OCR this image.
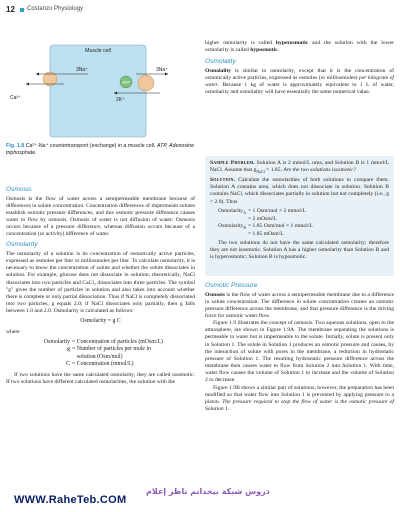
12 Costanzo Physiology
Muscle cell
3Na⁺
Ca²⁺
ATP
3Na⁺
2K⁺
Fig. 1.8 Ca²⁺-Na⁺ countertransport (exchange) in a muscle cell. ATP, Adenosine triphosphate.
Osmosis

Osmosis is the flow of water across a semipermeable membrane because of differences in solute concentration. Concentration differences of impermeant solutes establish osmotic pressure differences, and this osmotic pressure difference causes water to flow by osmosis. Osmosis of water is not diffusion of water: Osmosis occurs because of a pressure difference, whereas diffusion occurs because of a concentration (or activity) difference of water.

Osmolarity

The osmolarity of a solution is its concentration of osmotically active particles, expressed as osmoles per liter or milliosmoles per liter. To calculate osmolarity, it is necessary to know the concentration of solute and whether the solute dissociates in solution. For example, glucose does not dissociate in solution; theoretically, NaCl dissociates into two particles and CaCl₂ dissociates into three particles. The symbol "g" gives the number of particles in solution and also takes into account whether there is complete or only partial dissociation. Thus if NaCl is completely dissociated into two particles, g equals 2.0; if NaCl dissociates only partially, then g falls between 1.0 and 2.0. Osmolarity is calculated as follows:

Osmolarity = g C
where
Osmolarity = Concentration of particles (mOsm/L)
g = Number of particles per mole in
solution (Osm/mol)
C = Concentration (mmol/L)

If two solutions have the same calculated osmolarity, they are called isosmotic. If two solutions have different calculated osmolarities, the solution with the

higher osmolarity is called hyperosmotic and the solution with the lower osmolarity is called hyposmotic.

Osmolality

Osmolality is similar to osmolarity, except that it is the concentration of osmotically active particles, expressed as osmoles (or milliosmoles) per kilogram of water. Because 1 kg of water is approximately equivalent to 1 L of water, osmolarity and osmolality will have essentially the same numerical value.

Sample Problem. Solution A is 2 mmol/L urea, and Solution B is 1 mmol/L NaCl. Assume that $g_{NaCl} = 1.85$. Are the two solutions isosmotic?

Solution. Calculate the osmolarities of both solutions to compare them. Solution A contains urea, which does not dissociate in solution. Solution B contains NaCl, which dissociates partially in solution but not completely (i.e., g < 2.0). Thus

Osmolarity$_A$ = 1 Osm/mol × 2 mmol/L
= 2 mOsm/L
Osmolarity$_B$ = 1.85 Osm/mol × 1 mmol/L
= 1.85 mOsm/L

The two solutions do not have the same calculated osmolarity; therefore they are not isosmotic. Solution A has a higher osmolarity than Solution B and is hyperosmotic; Solution B is hyposmotic.

Osmotic Pressure

Osmosis is the flow of water across a semipermeable membrane due to a difference in solute concentration. The difference in solute concentration creates an osmotic pressure difference across the membrane, and that pressure difference is the driving force for osmotic water flow.

Figure 1.9 illustrates the concept of osmosis. Two aqueous solutions, open to the atmosphere, are shown in Figure 1.9A. The membrane separating the solutions is permeable to water but is impermeable to the solute. Initially, solute is present only in Solution 1. The solute in Solution 1 produces an osmotic pressure and causes, by the interaction of solute with pores in the membrane, a reduction in hydrostatic pressure of Solution 1. The resulting hydrostatic pressure difference across the membrane then causes water to flow from Solution 2 into Solution 1. With time, water flow causes the volume of Solution 1 to increase and the volume of Solution 2 to decrease.

Figure 1.9B shows a similar pair of solutions; however, the preparation has been modified so that water flow into Solution 1 is prevented by applying pressure to a piston. The pressure required to stop the flow of water is the osmotic pressure of Solution 1.

دروس شبكة بيخدانم ناظر إعلام
WWW.RaheTeb.COM
